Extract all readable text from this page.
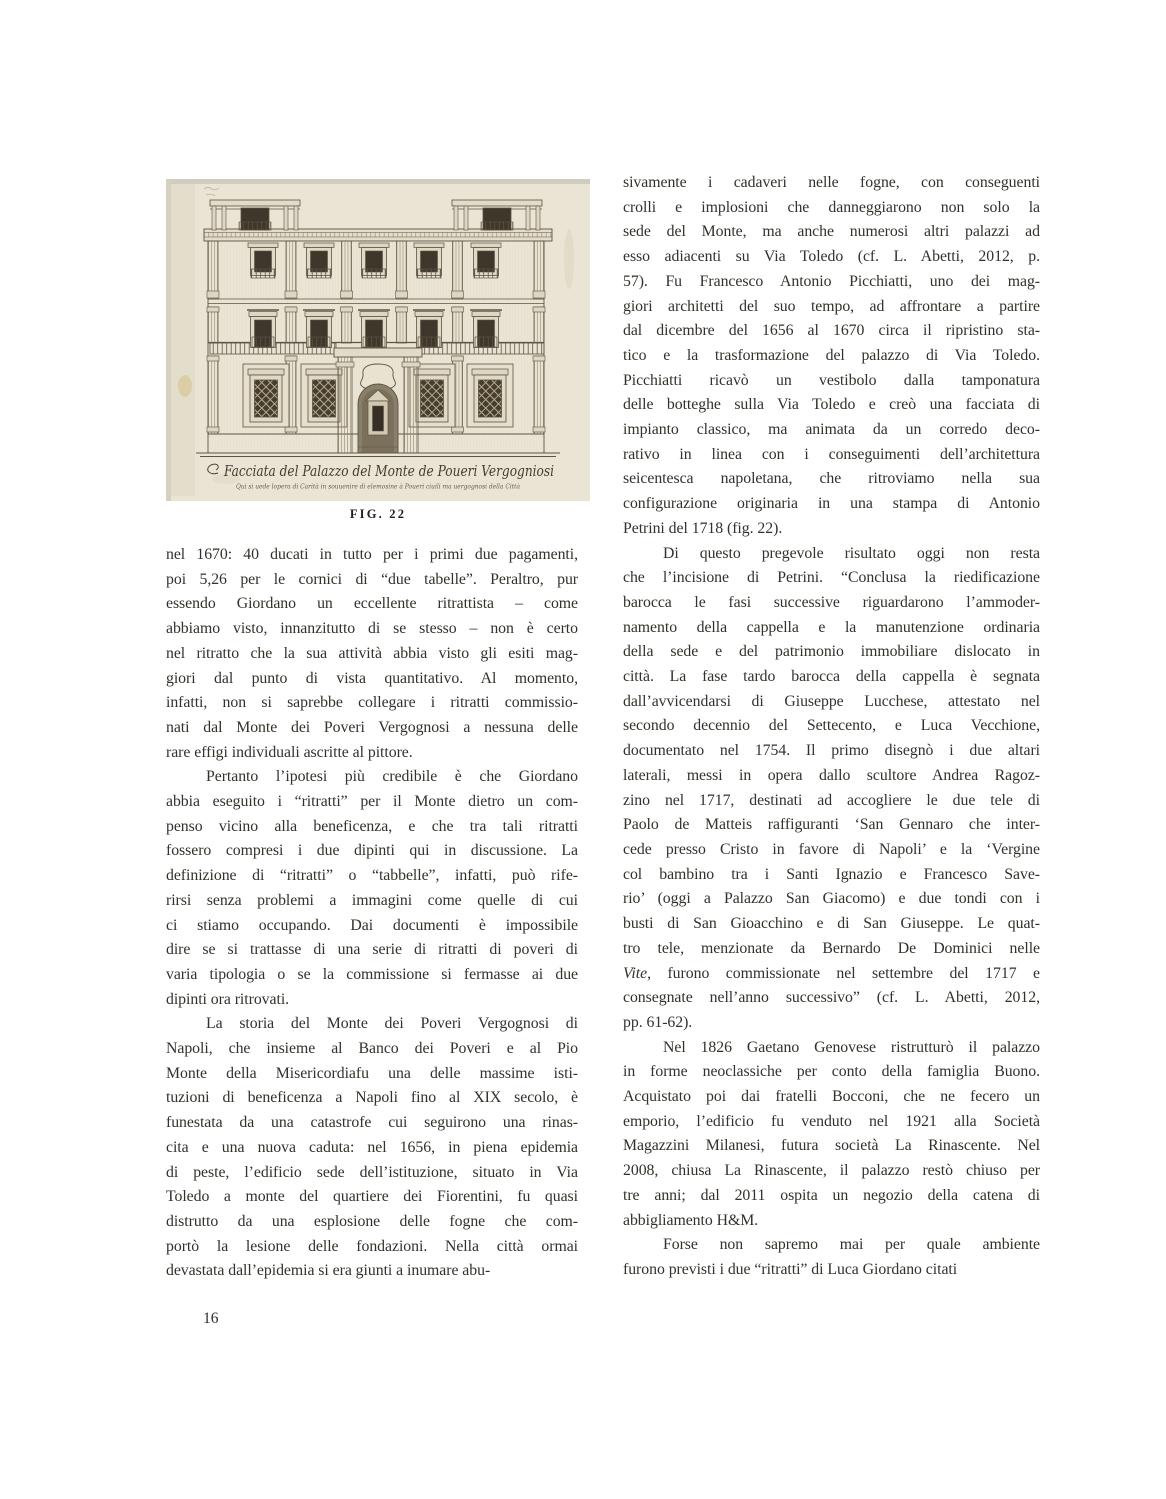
Facciata del Palazzo del Monte de Poueri Vergogniosi
Qui si uede lopera di Carità in souuenire di elemosine à Poueri ciuili ma uergognosi della Città
FIG. 22
nel 1670: 40 ducati in tutto per i primi due pagamenti,
poi 5,26 per le cornici di “due tabelle”. Peraltro, pur
essendo Giordano un eccellente ritrattista – come
abbiamo visto, innanzitutto di se stesso – non è certo
nel ritratto che la sua attività abbia visto gli esiti mag-
giori dal punto di vista quantitativo. Al momento,
infatti, non si saprebbe collegare i ritratti commissio-
nati dal Monte dei Poveri Vergognosi a nessuna delle
rare effigi individuali ascritte al pittore.
Pertanto l’ipotesi più credibile è che Giordano
abbia eseguito i “ritratti” per il Monte dietro un com-
penso vicino alla beneficenza, e che tra tali ritratti
fossero compresi i due dipinti qui in discussione. La
definizione di “ritratti” o “tabbelle”, infatti, può rife-
rirsi senza problemi a immagini come quelle di cui
ci stiamo occupando. Dai documenti è impossibile
dire se si trattasse di una serie di ritratti di poveri di
varia tipologia o se la commissione si fermasse ai due
dipinti ora ritrovati.
La storia del Monte dei Poveri Vergognosi di
Napoli, che insieme al Banco dei Poveri e al Pio
Monte della Misericordiafu una delle massime isti-
tuzioni di beneficenza a Napoli fino al XIX secolo, è
funestata da una catastrofe cui seguirono una rinas-
cita e una nuova caduta: nel 1656, in piena epidemia
di peste, l’edificio sede dell’istituzione, situato in Via
Toledo a monte del quartiere dei Fiorentini, fu quasi
distrutto da una esplosione delle fogne che com-
portò la lesione delle fondazioni. Nella città ormai
devastata dall’epidemia si era giunti a inumare abu-
sivamente i cadaveri nelle fogne, con conseguenti
crolli e implosioni che danneggiarono non solo la
sede del Monte, ma anche numerosi altri palazzi ad
esso adiacenti su Via Toledo (cf. L. Abetti, 2012, p.
57). Fu Francesco Antonio Picchiatti, uno dei mag-
giori architetti del suo tempo, ad affrontare a partire
dal dicembre del 1656 al 1670 circa il ripristino sta-
tico e la trasformazione del palazzo di Via Toledo.
Picchiatti ricavò un vestibolo dalla tamponatura
delle botteghe sulla Via Toledo e creò una facciata di
impianto classico, ma animata da un corredo deco-
rativo in linea con i conseguimenti dell’architettura
seicentesca napoletana, che ritroviamo nella sua
configurazione originaria in una stampa di Antonio
Petrini del 1718 (fig. 22).
Di questo pregevole risultato oggi non resta
che l’incisione di Petrini. “Conclusa la riedificazione
barocca le fasi successive riguardarono l’ammoder-
namento della cappella e la manutenzione ordinaria
della sede e del patrimonio immobiliare dislocato in
città. La fase tardo barocca della cappella è segnata
dall’avvicendarsi di Giuseppe Lucchese, attestato nel
secondo decennio del Settecento, e Luca Vecchione,
documentato nel 1754. Il primo disegnò i due altari
laterali, messi in opera dallo scultore Andrea Ragoz-
zino nel 1717, destinati ad accogliere le due tele di
Paolo de Matteis raffiguranti ‘San Gennaro che inter-
cede presso Cristo in favore di Napoli’ e la ‘Vergine
col bambino tra i Santi Ignazio e Francesco Save-
rio’ (oggi a Palazzo San Giacomo) e due tondi con i
busti di San Gioacchino e di San Giuseppe. Le quat-
tro tele, menzionate da Bernardo De Dominici nelle
Vite, furono commissionate nel settembre del 1717 e
consegnate nell’anno successivo” (cf. L. Abetti, 2012,
pp. 61-62).
Nel 1826 Gaetano Genovese ristrutturò il palazzo
in forme neoclassiche per conto della famiglia Buono.
Acquistato poi dai fratelli Bocconi, che ne fecero un
emporio, l’edificio fu venduto nel 1921 alla Società
Magazzini Milanesi, futura società La Rinascente. Nel
2008, chiusa La Rinascente, il palazzo restò chiuso per
tre anni; dal 2011 ospita un negozio della catena di
abbigliamento H&M.
Forse non sapremo mai per quale ambiente
furono previsti i due “ritratti” di Luca Giordano citati
16
